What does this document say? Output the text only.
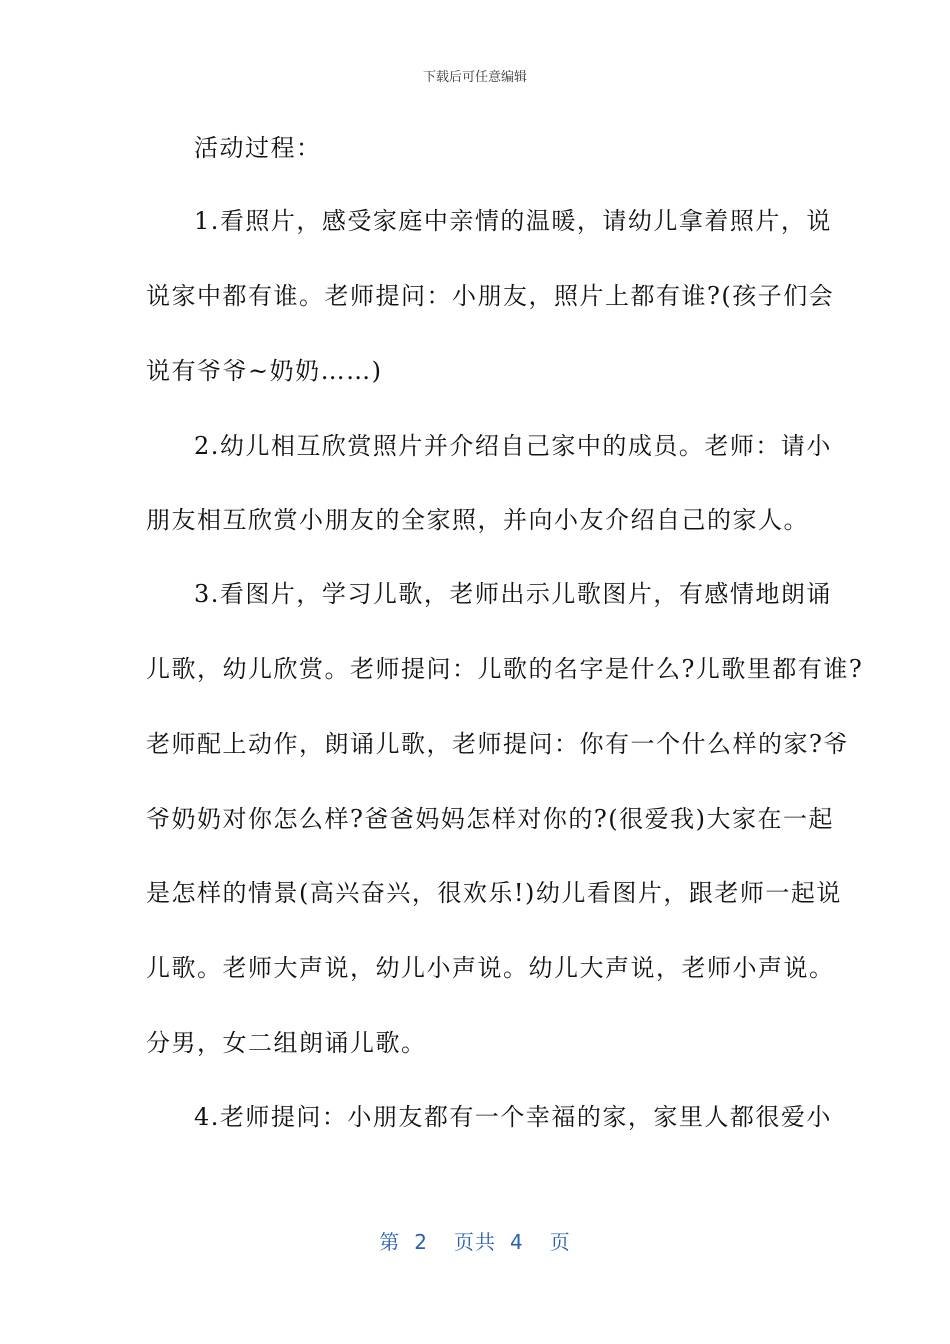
下载后可任意编辑
活动过程：
1.看照片，感受家庭中亲情的温暖，请幼儿拿着照片，说
说家中都有谁。老师提问：小朋友，照片上都有谁?(孩子们会
说有爷爷~奶奶……)
2.幼儿相互欣赏照片并介绍自己家中的成员。老师：请小
朋友相互欣赏小朋友的全家照，并向小友介绍自己的家人。
3.看图片，学习儿歌，老师出示儿歌图片，有感情地朗诵
儿歌，幼儿欣赏。老师提问：儿歌的名字是什么?儿歌里都有谁?
老师配上动作，朗诵儿歌，老师提问：你有一个什么样的家?爷
爷奶奶对你怎么样?爸爸妈妈怎样对你的?(很爱我)大家在一起
是怎样的情景(高兴奋兴，很欢乐!)幼儿看图片，跟老师一起说
儿歌。老师大声说，幼儿小声说。幼儿大声说，老师小声说。
分男，女二组朗诵儿歌。
4.老师提问：小朋友都有一个幸福的家，家里人都很爱小
第 2 页共 4 页
